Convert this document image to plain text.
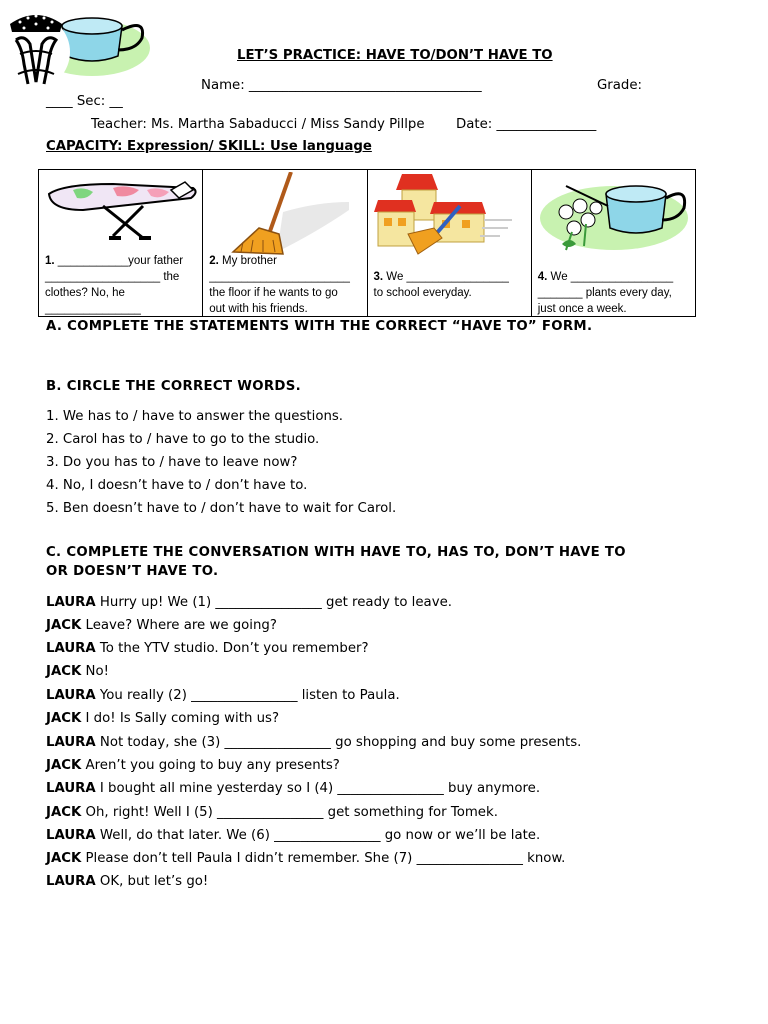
LET’S PRACTICE: HAVE TO/DON’T HAVE TO
Name: ___________________________________	Grade:
____ Sec: __
Teacher: Ms. Martha Sabaducci / Miss Sandy Pillpe Date: _______________
CAPACITY: Expression/ SKILL: Use language
1. ___________your father
__________________ the
clothes? No, he
_______________
2. My brother
______________________
the floor if he wants to go
out with his friends.
3. We ________________
to school everyday.
4. We ________________
_______ plants every day,
just once a week.
A. COMPLETE THE STATEMENTS WITH THE CORRECT “HAVE TO” FORM.
B. CIRCLE THE CORRECT WORDS.
1. We has to / have to answer the questions.
2. Carol has to / have to go to the studio.
3. Do you has to / have to leave now?
4. No, I doesn’t have to / don’t have to.
5. Ben doesn’t have to / don’t have to wait for Carol.
C. COMPLETE THE CONVERSATION WITH HAVE TO, HAS TO, DON’T HAVE TO
OR DOESN’T HAVE TO.
LAURA Hurry up! We (1) ________________ get ready to leave.
JACK Leave? Where are we going?
LAURA To the YTV studio. Don’t you remember?
JACK No!
LAURA You really (2) ________________ listen to Paula.
JACK I do! Is Sally coming with us?
LAURA Not today, she (3) ________________ go shopping and buy some presents.
JACK Aren’t you going to buy any presents?
LAURA I bought all mine yesterday so I (4) ________________ buy anymore.
JACK Oh, right! Well I (5) ________________ get something for Tomek.
LAURA Well, do that later. We (6) ________________ go now or we’ll be late.
JACK Please don’t tell Paula I didn’t remember. She (7) ________________ know.
LAURA OK, but let’s go!
